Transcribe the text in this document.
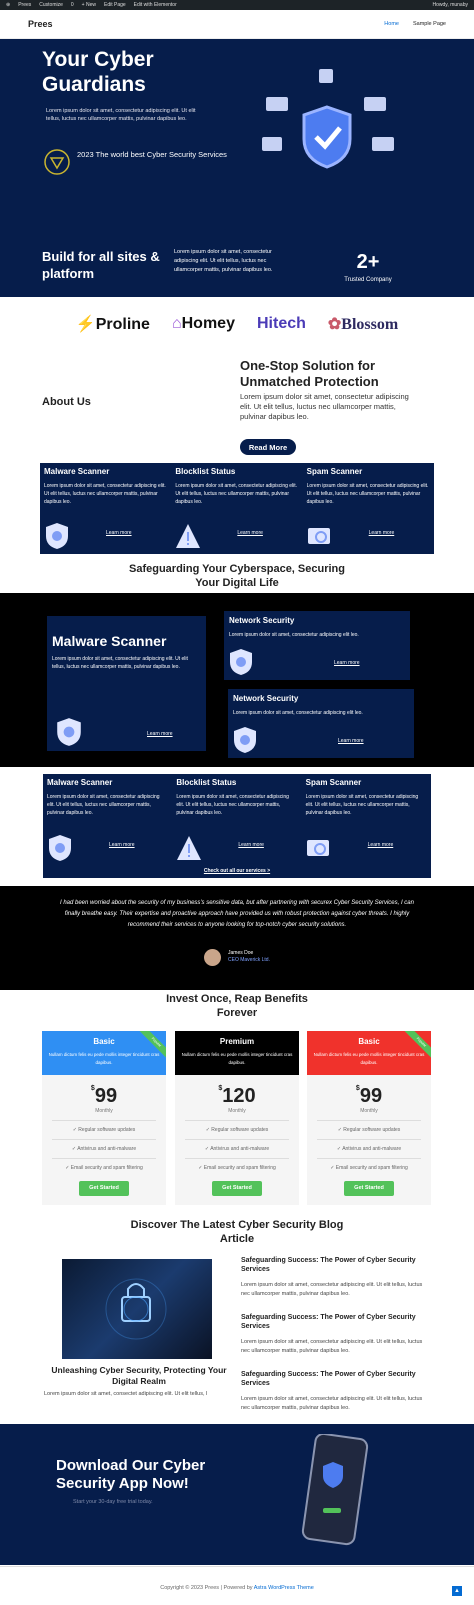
⊕ Prees Customize 0 + New Edit Page Edit with Elementor	Howdy, munaby
Prees	Home	Sample Page
Your Cyber Guardians

Lorem ipsum dolor sit amet, consectetur adipiscing elit. Ut elit tellus, luctus nec ullamcorper mattis, pulvinar dapibus leo.

2023 The world best Cyber Security Services
Build for all sites & platform

Lorem ipsum dolor sit amet, consectetur adipiscing elit. Ut elit tellus, luctus nec ullamcorper mattis, pulvinar dapibus leo.	2+
Trusted Company
⚡Proline ⌂Homey Hitech ✿Blossom
About Us
One-Stop Solution for Unmatched Protection

Lorem ipsum dolor sit amet, consectetur adipiscing elit. Ut elit tellus, luctus nec ullamcorper mattis, pulvinar dapibus leo.

Read More
Malware Scanner

Lorem ipsum dolor sit amet, consectetur adipiscing elit. Ut elit tellus, luctus nec ullamcorper mattis, pulvinar dapibus leo.

Learn more
Blocklist Status

Lorem ipsum dolor sit amet, consectetur adipiscing elit. Ut elit tellus, luctus nec ullamcorper mattis, pulvinar dapibus leo.

Learn more
Spam Scanner

Lorem ipsum dolor sit amet, consectetur adipiscing elit. Ut elit tellus, luctus nec ullamcorper mattis, pulvinar dapibus leo.

Learn more
Safeguarding Your Cyberspace, Securing Your Digital Life
Malware Scanner

Lorem ipsum dolor sit amet, consectetur adipiscing elit. Ut elit tellus, luctus nec ullamcorper mattis, pulvinar dapibus leo.

Learn more
Network Security

Lorem ipsum dolor sit amet, consectetur adipiscing elit leo.

Learn more
Network Security

Lorem ipsum dolor sit amet, consectetur adipiscing elit leo.

Learn more
Malware Scanner

Lorem ipsum dolor sit amet, consectetur adipiscing elit. Ut elit tellus, luctus nec ullamcorper mattis, pulvinar dapibus leo.

Learn more
Blocklist Status

Lorem ipsum dolor sit amet, consectetur adipiscing elit. Ut elit tellus, luctus nec ullamcorper mattis, pulvinar dapibus leo.

Learn more
Spam Scanner

Lorem ipsum dolor sit amet, consectetur adipiscing elit. Ut elit tellus, luctus nec ullamcorper mattis, pulvinar dapibus leo.

Learn more
Check out all our services >

I had been worried about the security of my business's sensitive data, but after partnering with securex Cyber Security Services, I can finally breathe easy. Their expertise and proactive approach have provided us with robust protection against cyber threats. I highly recommend their services to anyone looking for top-notch cyber security solutions.

James Doe
CEO Maverick Ltd.
Invest Once, Reap Benefits Forever
Basic
Nullam dictum felis eu pede mollis integer tincidunt cras dapibus.
Popular
$99
Monthly
✓ Regular software updates
✓ Antivirus and anti-malware
✓ Email security and spam filtering
Get Started
Premium
Nullam dictum felis eu pede mollis integer tincidunt cras dapibus.
$120
Monthly
✓ Regular software updates
✓ Antivirus and anti-malware
✓ Email security and spam filtering
Get Started
Basic
Nullam dictum felis eu pede mollis integer tincidunt cras dapibus.
Popular
$99
Monthly
✓ Regular software updates
✓ Antivirus and anti-malware
✓ Email security and spam filtering
Get Started
Discover The Latest Cyber Security Blog Article
Unleashing Cyber Security, Protecting Your Digital Realm
Lorem ipsum dolor sit amet, consectet adipiscing elit. Ut elit tellus, l
Safeguarding Success: The Power of Cyber Security Services

Lorem ipsum dolor sit amet, consectetur adipiscing elit. Ut elit tellus, luctus nec ullamcorper mattis, pulvinar dapibus leo.

Safeguarding Success: The Power of Cyber Security Services

Lorem ipsum dolor sit amet, consectetur adipiscing elit. Ut elit tellus, luctus nec ullamcorper mattis, pulvinar dapibus leo.

Safeguarding Success: The Power of Cyber Security Services

Lorem ipsum dolor sit amet, consectetur adipiscing elit. Ut elit tellus, luctus nec ullamcorper mattis, pulvinar dapibus leo.

Download Our Cyber Security App Now!
Start your 30-day free trial today.
Copyright © 2023 Prees | Powered by Astra WordPress Theme	▲
